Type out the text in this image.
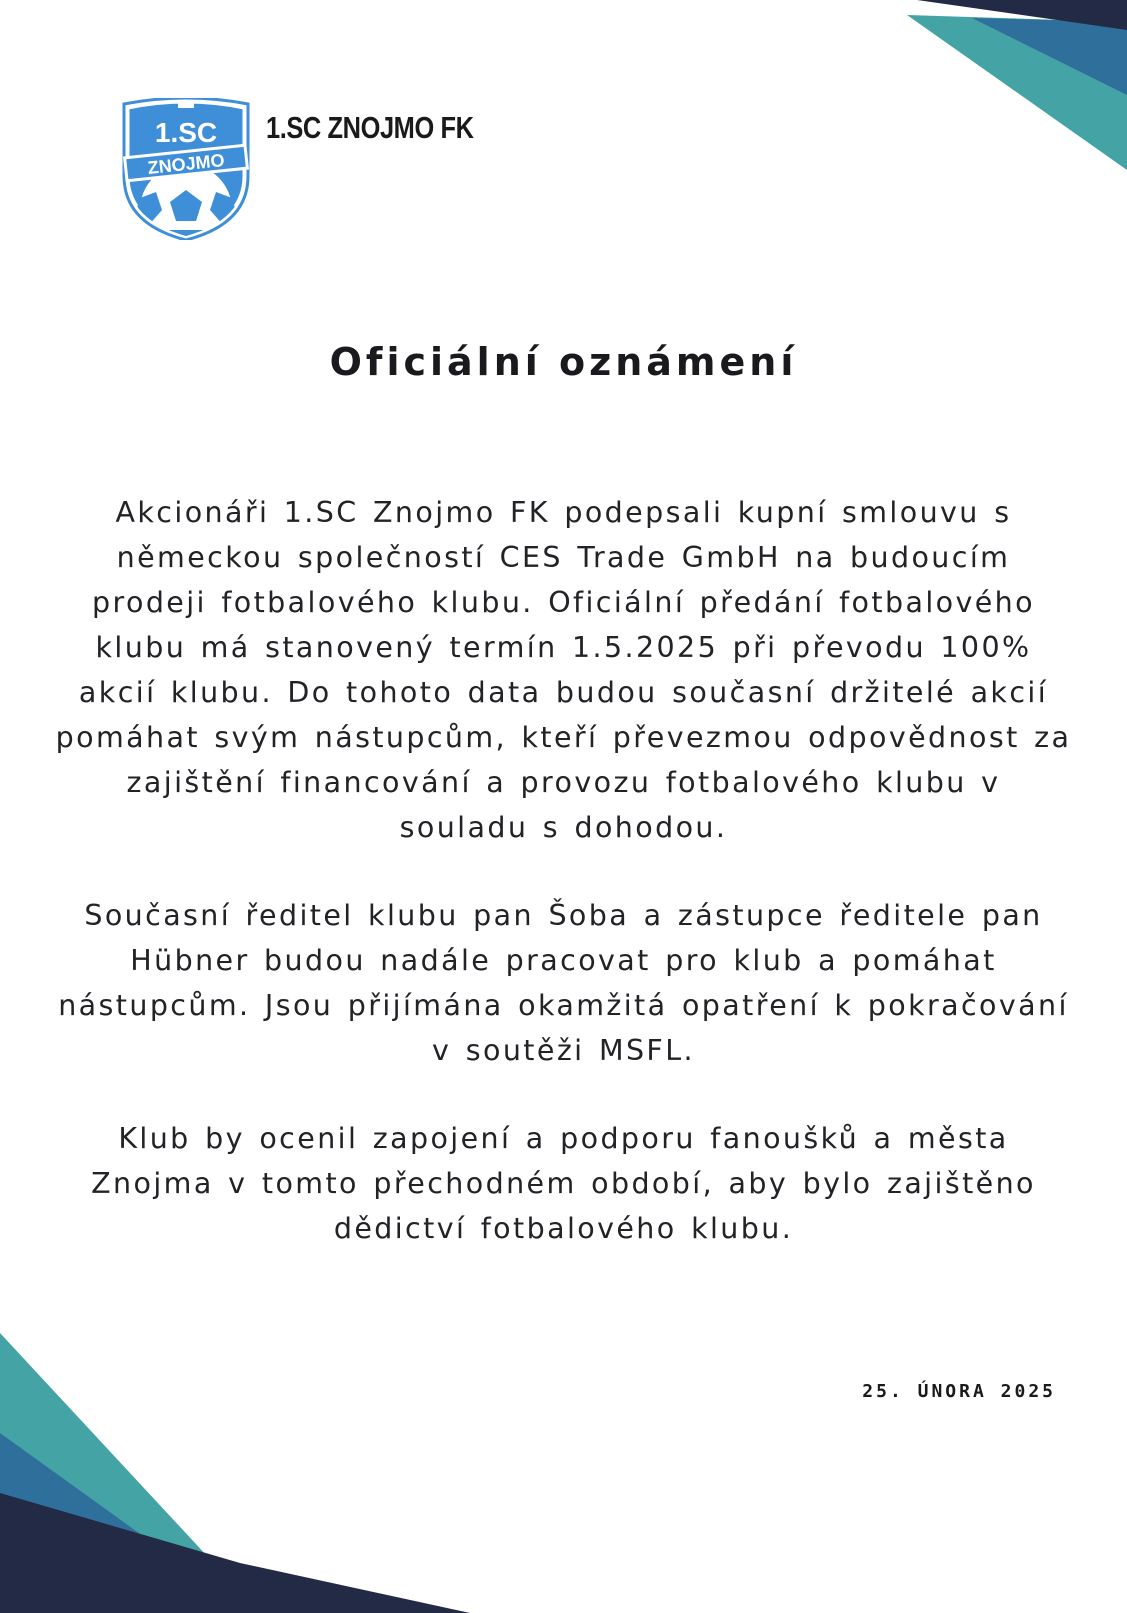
1.SC
ZNOJMO
1.SC ZNOJMO FK
Oficiální oznámení

Akcionáři 1.SC Znojmo FK podepsali kupní smlouvu s německou společností CES Trade GmbH na budoucím prodeji fotbalového klubu. Oficiální předání fotbalového klubu má stanovený termín 1.5.2025 při převodu 100% akcií klubu. Do tohoto data budou současní držitelé akcií pomáhat svým nástupcům, kteří převezmou odpovědnost za zajištění financování a provozu fotbalového klubu v souladu s dohodou.

Současní ředitel klubu pan Šoba a zástupce ředitele pan Hübner budou nadále pracovat pro klub a pomáhat nástupcům. Jsou přijímána okamžitá opatření k pokračování v soutěži MSFL.

Klub by ocenil zapojení a podporu fanoušků a města Znojma v tomto přechodném období, aby bylo zajištěno dědictví fotbalového klubu.

25. ÚNORA 2025
